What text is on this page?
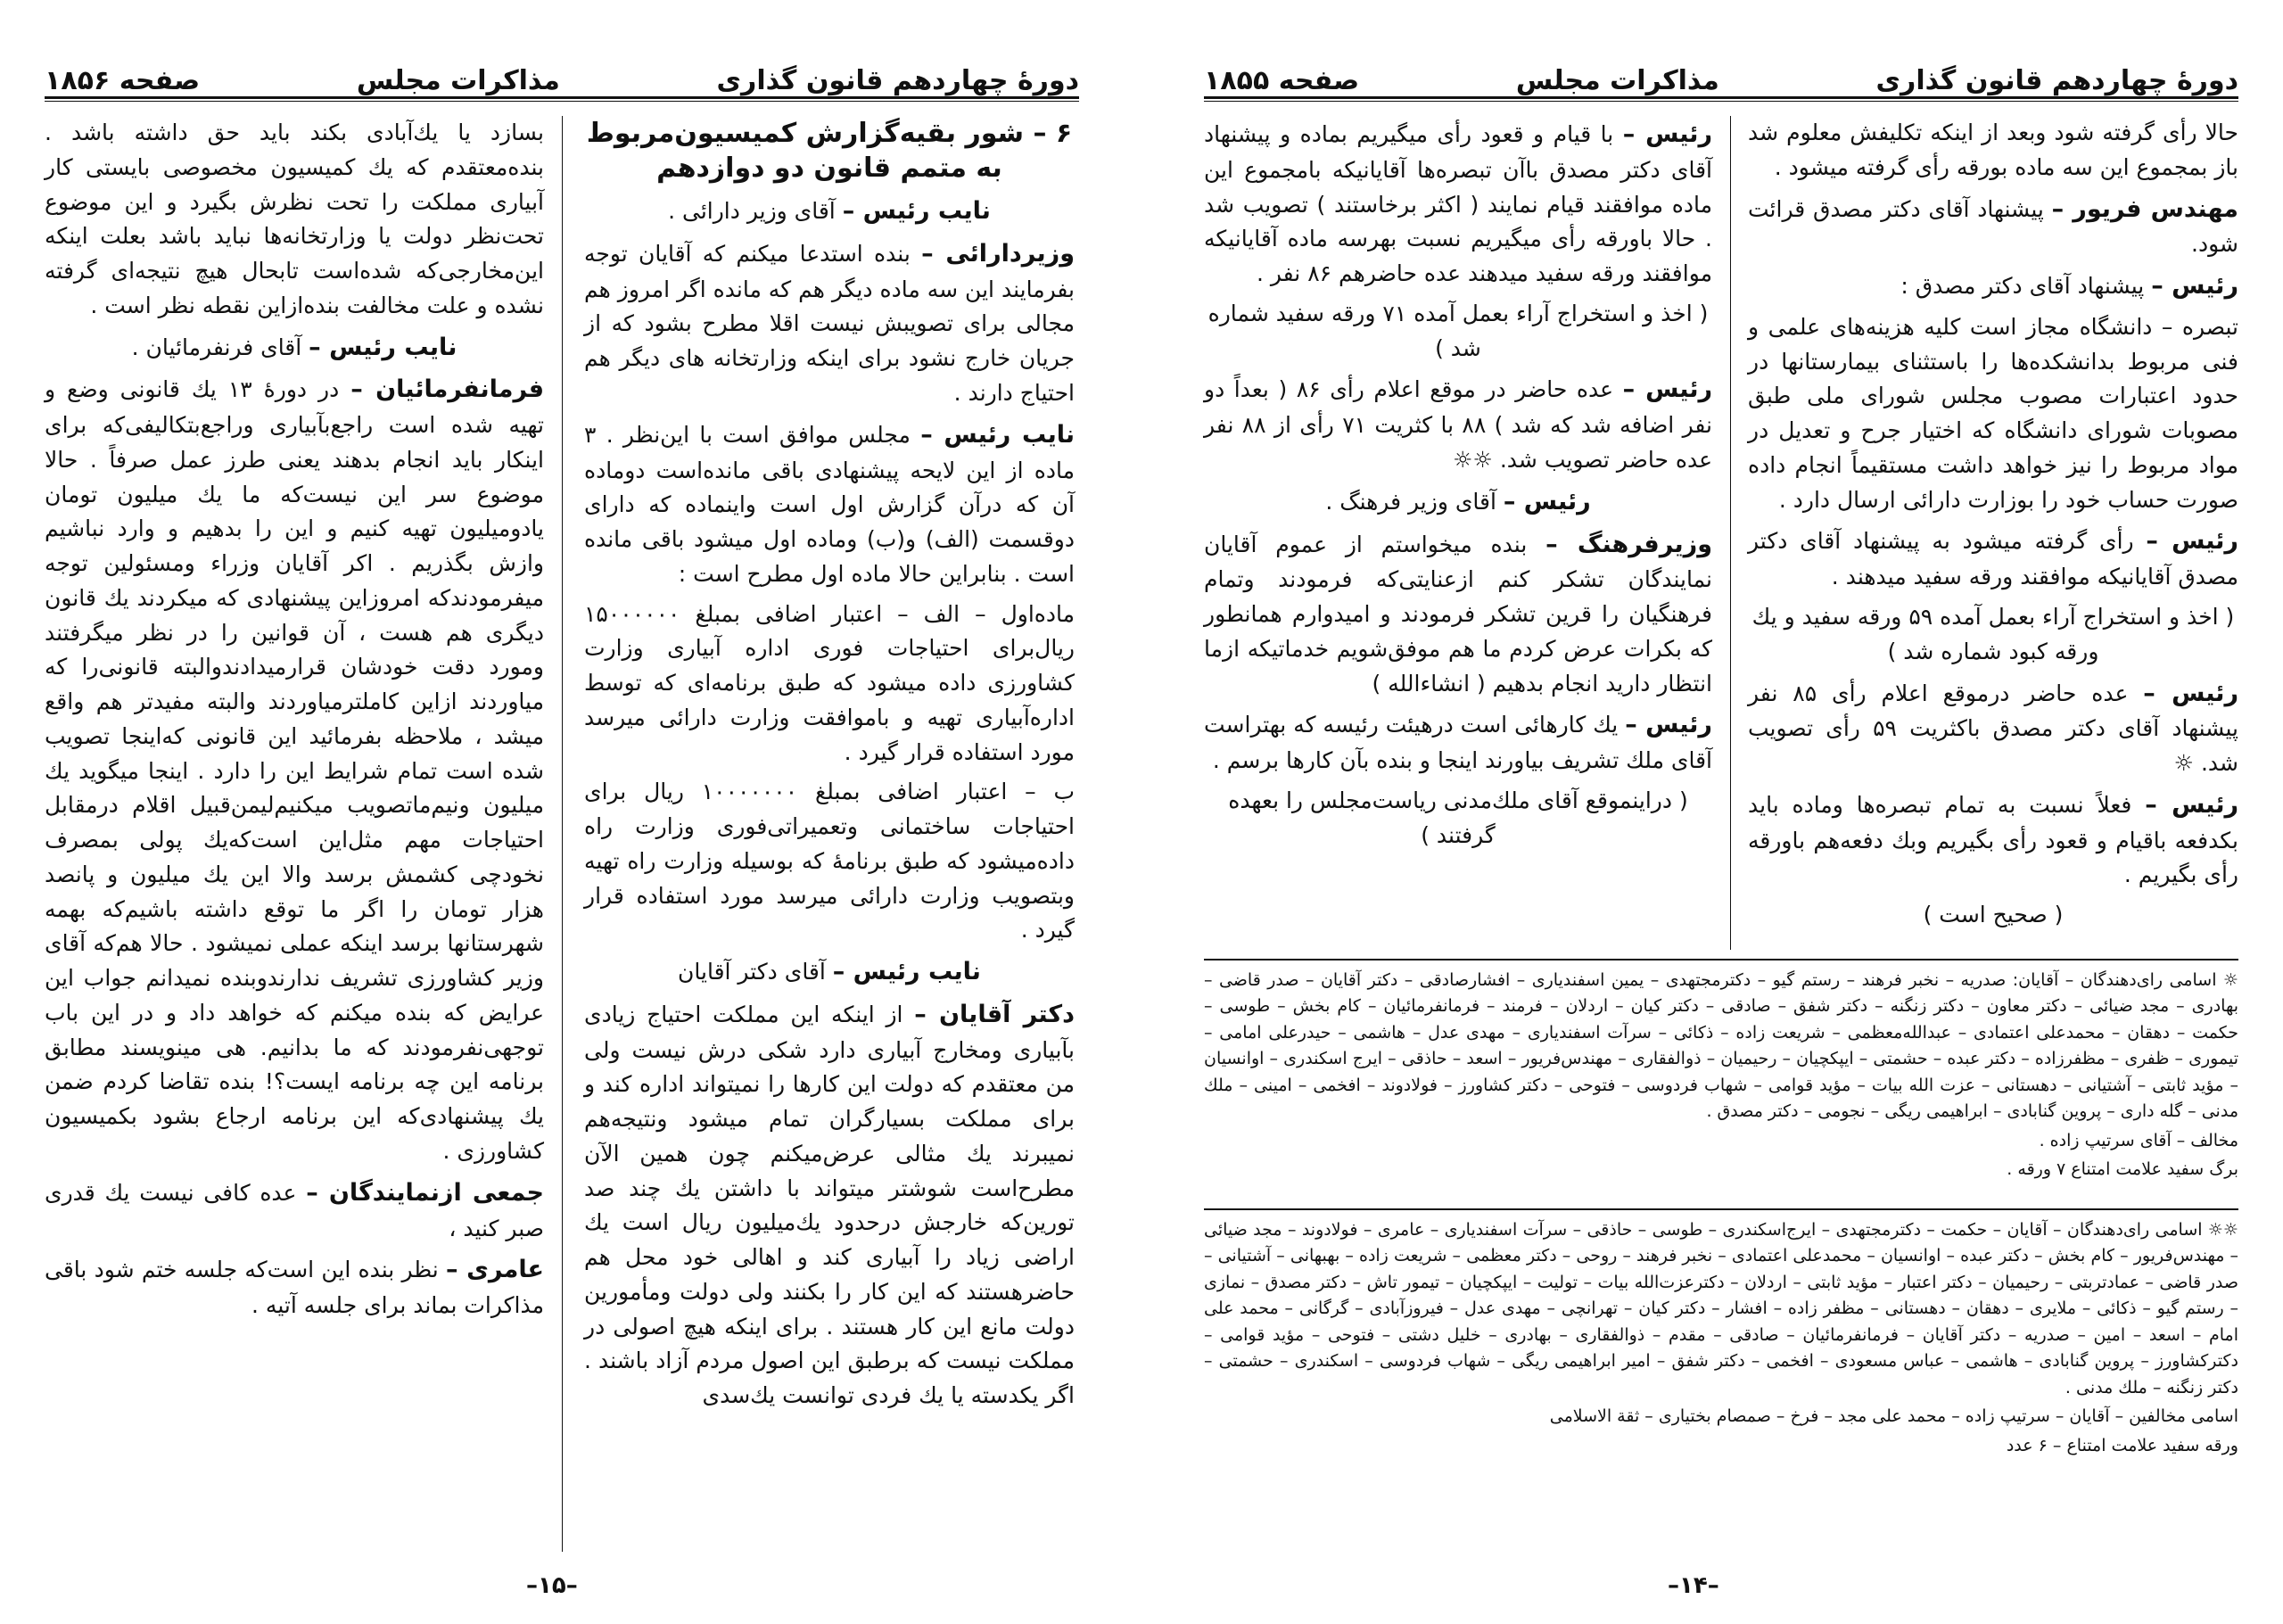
دورهٔ چهاردهم قانون گذاری
مذاکرات مجلس
صفحه ۱۸۵۵

حالا رأی گرفته شود وبعد از اینکه تکلیفش معلوم شد باز بمجموع این سه ماده بورقه رأی گرفته میشود .

مهندس فریور – پیشنهاد آقای دکتر مصدق قرائت شود.

رئیس – پیشنهاد آقای دکتر مصدق :

تبصره – دانشگاه مجاز است کلیه هزینه‌های علمی و فنی مربوط بدانشکده‌ها را باستثنای بیمارستانها در حدود اعتبارات مصوب مجلس شورای ملی طبق مصوبات شورای دانشگاه که اختیار جرح و تعدیل در مواد مربوط را نیز خواهد داشت مستقیماً انجام داده صورت حساب خود را بوزارت دارائی ارسال دارد .

رئیس – رأی گرفته میشود به پیشنهاد آقای دکتر مصدق آقایانیکه موافقند ورقه سفید میدهند .

( اخذ و استخراج آراء بعمل آمده ۵۹ ورقه سفید و یك ورقه کبود شماره شد )

رئیس – عده حاضر درموقع اعلام رأی ۸۵ نفر پیشنهاد آقای دکتر مصدق باکثریت ۵۹ رأی تصویب شد. ☼

رئیس – فعلاً نسبت به تمام تبصره‌ها وماده باید بکدفعه باقیام و قعود رأی بگیریم وبك دفعه‌هم باورقه رأی بگیریم .

( صحیح است )

رئیس – با قیام و قعود رأی میگیریم بماده و پیشنهاد آقای دکتر مصدق باآن تبصره‌ها آقایانیکه بامجموع این ماده موافقند قیام نمایند ( اکثر برخاستند ) تصویب شد . حالا باورقه رأی میگیریم نسبت بهرسه ماده آقایانیکه موافقند ورقه سفید میدهند عده حاضرهم ۸۶ نفر .

( اخذ و استخراج آراء بعمل آمده ۷۱ ورقه سفید شماره شد )

رئیس – عده حاضر در موقع اعلام رأی ۸۶ ( بعداً دو نفر اضافه شد که شد ) ۸۸ با کثریت ۷۱ رأی از ۸۸ نفر عده حاضر تصویب شد. ☼☼

رئیس – آقای وزیر فرهنگ .

وزیرفرهنگ – بنده میخواستم از عموم آقایان نمایندگان تشکر کنم ازعنایتی‌که فرمودند وتمام فرهنگیان را قرین تشکر فرمودند و امیدوارم همانطور که بکرات عرض کردم ما هم موفق‌شویم خدماتیکه ازما انتظار دارید انجام بدهیم ( انشاءالله )

رئیس – یك کارهائی است درهیئت رئیسه که بهتراست آقای ملك تشریف بیاورند اینجا و بنده بآن کارها برسم .

( دراینموقع آقای ملك‌مدنی ریاست‌مجلس را بعهده گرفتند )

☼ اسامی رای‌دهندگان – آقایان: صدریه – نخبر فرهند – رستم گیو – دکترمجتهدی – یمین اسفندیاری – افشارصادقی – دکتر آقایان – صدر قاضی – بهادری – مجد ضیائی – دکتر معاون – دکتر زنگنه – دکتر شفق – صادقی – دکتر کیان – اردلان – فرمند – فرمانفرمائیان – کام بخش – طوسی – حکمت – دهقان – محمدعلی اعتمادی – عبدالله‌معظمی – شریعت زاده – ذکائی – سرآت اسفندیاری – مهدی عدل – هاشمی – حیدرعلی امامی – تیموری – ظفری – مظفرزاده – دکتر عبده – حشمتی – ایپکچیان – رحیمیان – ذوالفقاری – مهندس‌فریور – اسعد – حاذقی – ایرج اسکندری – اوانسیان – مؤید ثابتی – آشتیانی – دهستانی – عزت الله بیات – مؤید قوامی – شهاب فردوسی – فتوحی – دکتر کشاورز – فولادوند – افخمی – امینی – ملك مدنی – گله داری – پروین گنابادی – ابراهیمی ریگی – نجومی – دکتر مصدق .

مخالف – آقای سرتیپ زاده .

برگ سفید علامت امتناع ۷ ورقه .

☼☼ اسامی رای‌دهندگان – آقایان – حکمت – دکترمجتهدی – ایرج‌اسکندری – طوسی – حاذقی – سرآت اسفندیاری – عامری – فولادوند – مجد ضیائی – مهندس‌فریور – کام بخش – دکتر عبده – اوانسیان – محمدعلی اعتمادی – نخبر فرهند – روحی – دکتر معظمی – شریعت زاده – بهبهانی – آشتیانی – صدر قاضی – عمادتربتی – رحیمیان – دکتر اعتبار – مؤید ثابتی – اردلان – دکترعزت‌الله بیات – تولیت – ایپکچیان – تیمور تاش – دکتر مصدق – نمازی – رستم گیو – ذکائی – ملایری – دهقان – دهستانی – مظفر زاده – افشار – دکتر کیان – تهرانچی – مهدی عدل – فیروزآبادی – گرگانی – محمد علی امام – اسعد – امین – صدریه – دکتر آقایان – فرمانفرمائیان – صادقی – مقدم – ذوالفقاری – بهادری – خلیل دشتی – فتوحی – مؤید قوامی – دکترکشاورز – پروین گنابادی – هاشمی – عباس مسعودی – افخمی – دکتر شفق – امیر ابراهیمی ریگی – شهاب فردوسی – اسکندری – حشمتی – دکتر زنگنه – ملك مدنی .

اسامی مخالفین – آقایان – سرتیپ زاده – محمد علی مجد – فرخ – صمصام بختیاری – ثقة الاسلامی

ورقه سفید علامت امتناع – ۶ عدد

–۱۴–
دورهٔ چهاردهم قانون گذاری
مذاکرات مجلس
صفحه ۱۸۵۶
۶ – شور بقیه‌گزارش کمیسیون‌مربوط به متمم قانون دو دوازدهم

نایب رئیس – آقای وزیر دارائی .

وزیردارائی – بنده استدعا میکنم که آقایان توجه بفرمایند این سه ماده دیگر هم که مانده اگر امروز هم مجالی برای تصویبش نیست اقلا مطرح بشود که از جریان خارج نشود برای اینکه وزارتخانه های دیگر هم احتیاج دارند .

نایب رئیس – مجلس موافق است با این‌نظر . ۳ ماده از این لایحه پیشنهادی باقی مانده‌است دوماده آن که درآن گزارش اول است واینماده که دارای دوقسمت (الف) و(ب) وماده اول میشود باقی مانده است . بنابراین حالا ماده اول مطرح است :

ماده‌اول – الف – اعتبار اضافی بمبلغ ۱۵۰۰۰۰۰۰ ریال‌برای احتیاجات فوری اداره آبیاری وزارت کشاورزی داده میشود که طبق برنامه‌ای که توسط اداره‌آبیاری تهیه و باموافقت وزارت دارائی میرسد مورد استفاده قرار گیرد .

ب – اعتبار اضافی بمبلغ ۱۰۰۰۰۰۰۰ ریال برای احتیاجات ساختمانی وتعمیراتی‌فوری وزارت راه داده‌میشود که طبق برنامهٔ که بوسیله وزارت راه تهیه وبتصویب وزارت دارائی میرسد مورد استفاده قرار گیرد .

نایب رئیس – آقای دکتر آقایان

دکتر آقایان – از اینکه این مملکت احتیاج زیادی بآبیاری ومخارج آبیاری دارد شکی درش نیست ولی من معتقدم که دولت این کارها را نمیتواند اداره کند و برای مملکت بسیار‌گران تمام میشود ونتیجه‌هم نمیبرند یك مثالی عرض‌میکنم چون همین الآن مطرح‌است شوشتر میتواند با داشتن یك چند صد تورین‌که خارجش درحدود یك‌میلیون ریال است یك اراضی زیاد را آبیاری کند و اهالی خود محل هم حاضرهستند که این کار را بکنند ولی دولت ومأمورین دولت مانع این کار هستند . برای اینکه هیچ اصولی در مملکت نیست که برطبق این اصول مردم آزاد باشند . اگر یکدسته یا یك فردی توانست یك‌سدی

بسازد یا یك‌آبادی بکند باید حق داشته باشد . بنده‌معتقدم که یك کمیسیون مخصوصی بایستی کار آبیاری مملکت را تحت نظرش بگیرد و این موضوع تحت‌نظر دولت یا وزارتخانه‌ها نباید باشد بعلت اینکه این‌مخارجی‌که شده‌است تابحال هیچ نتیجه‌ای گرفته نشده و علت مخالفت بنده‌ازاین نقطه نظر است .

نایب رئیس – آقای فرنفرمائیان .

فرمانفرمائیان – در دورهٔ ۱۳ یك قانونی وضع و تهیه شده است راجع‌بآبیاری وراجع‌بتکالیفی‌که برای اینکار باید انجام بدهند یعنی طرز عمل صرفاً . حالا موضوع سر این نیست‌که ما یك میلیون تومان یادومیلیون تهیه کنیم و این را بدهیم و وارد نباشیم وازش بگذریم . اکر آقایان وزراء ومسئولین توجه میفرمودندکه امروزاین پیشنهادی که میکردند یك قانون دیگری هم هست ، آن قوانین را در نظر میگرفتند ومورد دقت خودشان قرارمیدادندوالبته قانونی‌را که میاوردند ازاین کاملترمیاوردند والبته مفیدتر هم واقع میشد ، ملاحظه بفرمائید این قانونی که‌اینجا تصویب شده است تمام شرایط این را دارد . اینجا میگوید یك میلیون ونیم‌ماتصویب میکنیم‌لیمن‌قبیل اقلام درمقابل احتیاجات مهم مثل‌این است‌که‌یك پولی بمصرف نخودچی کشمش برسد والا این یك میلیون و پانصد هزار تومان را اگر ما توقع داشته باشیم‌که بهمه شهرستانها برسد اینکه عملی نمیشود . حالا هم‌که آقای وزیر کشاورزی تشریف ندارند‌وبنده نمیدانم جواب این عرایض که بنده میکنم که خواهد داد و در این باب توجهی‌نفرمودند که ما بدانیم. هی مینویسند مطابق برنامه این چه برنامه ایست؟! بنده تقاضا کردم ضمن یك پیشنهادی‌که این برنامه ارجاع بشود بکمیسیون کشاورزی .

جمعی ازنمایندگان – عده کافی نیست یك قدری صبر کنید ،

عامری – نظر بنده این است‌که جلسه ختم شود باقی مذاکرات بماند برای جلسه آتیه .

–۱۵–
